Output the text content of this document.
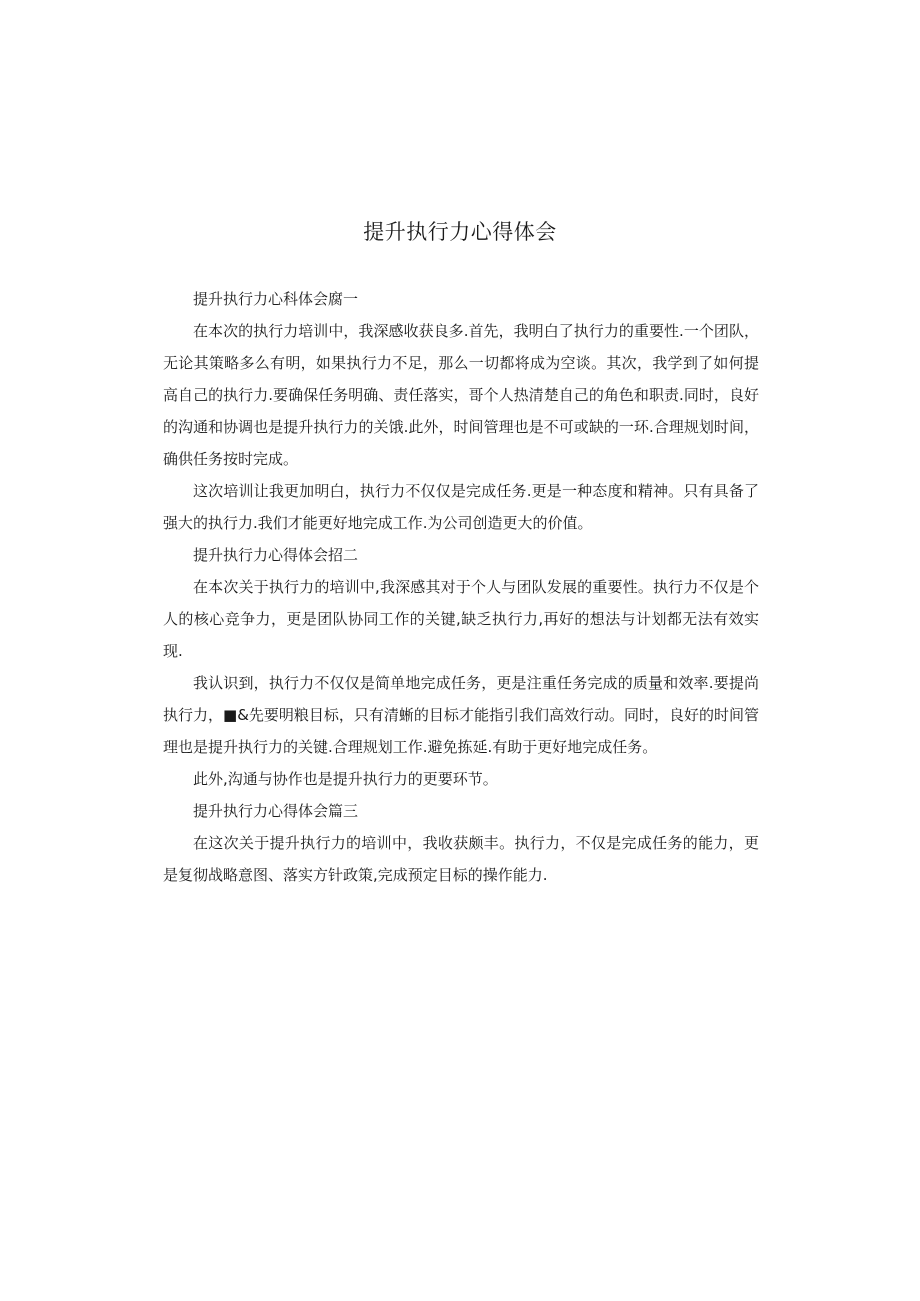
提升执行力心得体会

提升执行力心科体会腐一

在本次的执行力培训中，我深感收获良多.首先，我明白了执行力的重要性.一个团队，无论其策略多么有明，如果执行力不足，那么一切都将成为空谈。其次，我学到了如何提高自己的执行力.要确保任务明确、责任落实，哥个人热清楚自己的角色和职责.同时，良好的沟通和协调也是提升执行力的关饿.此外，时间管理也是不可或缺的一环.合理规划时间，确供任务按时完成。

这次培训让我更加明白，执行力不仅仅是完成任务.更是一种态度和精神。只有具备了强大的执行力.我们才能更好地完成工作.为公司创造更大的价值。

提升执行力心得体会招二

在本次关于执行力的培训中,我深感其对于个人与团队发展的重要性。执行力不仅是个人的核心竞争力，更是团队协同工作的关键,缺乏执行力,再好的想法与计划都无法有效实现.

我认识到，执行力不仅仅是简单地完成任务，更是注重任务完成的质量和效率.要提尚执行力，■&先要明粮目标，只有清蜥的目标才能指引我们高效行动。同时，良好的时间管理也是提升执行力的关键.合理规划工作.避免拣延.有助于更好地完成任务。

此外,沟通与协作也是提升执行力的更要环节。

提升执行力心得体会篇三

在这次关于提升执行力的培训中，我收获颇丰。执行力，不仅是完成任务的能力，更是复彻战略意图、落实方针政策,完成预定目标的操作能力.
